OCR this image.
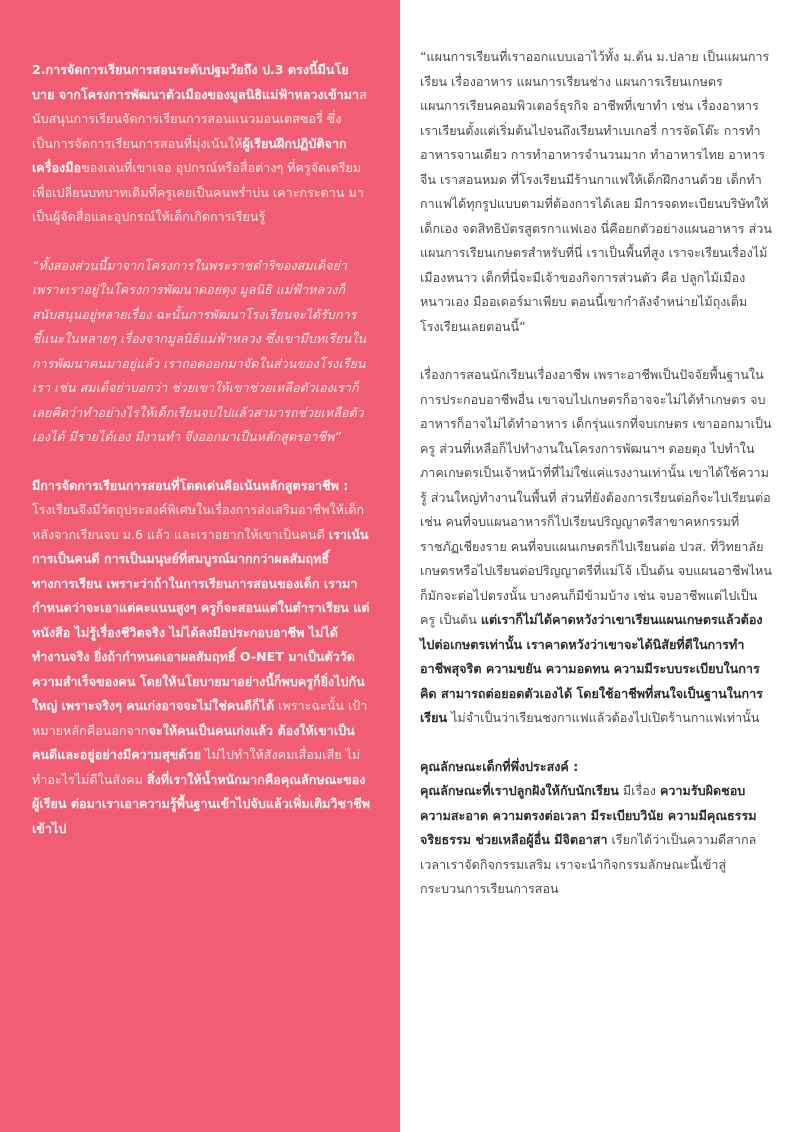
2.การจัดการเรียนการสอนระดับปฐมวัยถึง ป.3 ตรงนี้มีนโยบาย จากโครงการพัฒนาตัวเมืองของมูลนิธิแม่ฟ้าหลวงเข้ามาสนับสนุนการเรียนจัดการเรียนการสอนแนวมอนเตสซอรี่ ซึ่งเป็นการจัดการเรียนการสอนที่มุ่งเน้นให้ผู้เรียนฝึกปฏิบัติจากเครื่องมือของเล่นที่เขาเจอ อุปกรณ์หรือสื่อต่างๆ ที่ครูจัดเตรียม เพื่อเปลี่ยนบทบาทเดิมที่ครูเคยเป็นคนพร่ำบ่น เคาะกระดาน มาเป็นผู้จัดสื่อและอุปกรณ์ให้เด็กเกิดการเรียนรู้

“ทั้งสองส่วนนี้มาจากโครงการในพระราชดำริของสมเด็จย่า เพราะเราอยู่ในโครงการพัฒนาดอยตุง มูลนิธิ แม่ฟ้าหลวงก็สนับสนุนอยู่หลายเรื่อง ฉะนั้นการพัฒนาโรงเรียนจะได้รับการชี้แนะในหลายๆ เรื่องจากมูลนิธิแม่ฟ้าหลวง ซึ่งเขามีบทเรียนในการพัฒนาคนมาอยู่แล้ว เราถอดออกมาจัดในส่วนของโรงเรียนเรา เช่น สมเด็จย่าบอกว่า ช่วยเขาให้เขาช่วยเหลือตัวเองเราก็เลยคิดว่าทำอย่างไรให้เด็กเรียนจบไปแล้วสามารถช่วยเหลือตัวเองได้ มีรายได้เอง มีงานทำ จึงออกมาเป็นหลักสูตรอาชีพ”

มีการจัดการเรียนการสอนที่โดดเด่นคือเน้นหลักสูตรอาชีพ : โรงเรียนจึงมีวัตถุประสงค์พิเศษในเรื่องการส่งเสริมอาชีพให้เด็ก หลังจากเรียนจบ ม.6 แล้ว และเราอยากให้เขาเป็นคนดี เราเน้นการเป็นคนดี การเป็นมนุษย์ที่สมบูรณ์มากกว่าผลสัมฤทธิ์ทางการเรียน เพราะว่าถ้าในการเรียนการสอนของเด็ก เรามากำหนดว่าจะเอาแต่คะแนนสูงๆ ครูก็จะสอนแต่ในตำราเรียน แต่หนังสือ ไม่รู้เรื่องชีวิตจริง ไม่ได้ลงมือประกอบอาชีพ ไม่ได้ทำงานจริง ยิ่งถ้ากำหนดเอาผลสัมฤทธิ์ O-NET มาเป็นตัววัดความสำเร็จของคน โดยให้นโยบายมาอย่างนี้ก็พบครูก็ยิ่งไปกันใหญ่ เพราะจริงๆ คนเก่งอาจจะไม่ใช่คนดีก็ได้ เพราะฉะนั้น เป้าหมายหลักคือนอกจากจะให้คนเป็นคนเก่งแล้ว ต้องให้เขาเป็นคนดีและอยู่อย่างมีความสุขด้วย ไม่ไปทำให้สังคมเสื่อมเสีย ไม่ทำอะไรไม่ดีในสังคม สิ่งที่เราให้น้ำหนักมากคือคุณลักษณะของผู้เรียน ต่อมาเราเอาความรู้พื้นฐานเข้าไปจับแล้วเพิ่มเติมวิชาชีพเข้าไป

“แผนการเรียนที่เราออกแบบเอาไว้ทั้ง ม.ต้น ม.ปลาย เป็นแผนการเรียน เรื่องอาหาร แผนการเรียนช่าง แผนการเรียนเกษตร แผนการเรียนคอมพิวเตอร์ธุรกิจ อาชีพที่เขาทำ เช่น เรื่องอาหารเราเรียนตั้งแต่เริ่มต้นไปจนถึงเรียนทำเบเกอรี่ การจัดโต๊ะ การทำอาหารจานเดียว การทำอาหารจำนวนมาก ทำอาหารไทย อาหารจีน เราสอนหมด ที่โรงเรียนมีร้านกาแฟให้เด็กฝึกงานด้วย เด็กทำกาแฟได้ทุกรูปแบบตามที่ต้องการได้เลย มีการจดทะเบียนบริษัทให้เด็กเอง จดสิทธิบัตรสูตรกาแฟเอง นี่คือยกตัวอย่างแผนอาหาร ส่วนแผนการเรียนเกษตรสำหรับที่นี่ เราเป็นพื้นที่สูง เราจะเรียนเรื่องไม้เมืองหนาว เด็กที่นี่จะมีเจ้าของกิจการส่วนตัว คือ ปลูกไม้เมืองหนาวเอง มีออเดอร์มาเพียบ ตอนนี้เขากำลังจำหน่ายไม้ถุงเต็มโรงเรียนเลยตอนนี้”

เรื่องการสอนนักเรียนเรื่องอาชีพ เพราะอาชีพเป็นปัจจัยพื้นฐานในการประกอบอาชีพอื่น เขาจบไปเกษตรก็อาจจะไม่ได้ทำเกษตร จบอาหารก็อาจไม่ได้ทำอาหาร เด็กรุ่นแรกที่จบเกษตร เขาออกมาเป็นครู ส่วนที่เหลือก็ไปทำงานในโครงการพัฒนาฯ ดอยตุง ไปทำในภาคเกษตรเป็นเจ้าหน้าที่ที่ไม่ใช่แค่แรงงานเท่านั้น เขาได้ใช้ความรู้ ส่วนใหญ่ทำงานในพื้นที่ ส่วนที่ยังต้องการเรียนต่อก็จะไปเรียนต่อ เช่น คนที่จบแผนอาหารก็ไปเรียนปริญญาตรีสาขาคหกรรมที่ราชภัฏเชียงราย คนที่จบแผนเกษตรก็ไปเรียนต่อ ปวส. ที่วิทยาลัยเกษตรหรือไปเรียนต่อปริญญาตรีที่แม่โจ้ เป็นต้น จบแผนอาชีพไหนก็มักจะต่อไปตรงนั้น บางคนก็มีข้ามบ้าง เช่น จบอาชีพแต่ไปเป็นครู เป็นต้น แต่เราก็ไม่ได้คาดหวังว่าเขาเรียนแผนเกษตรแล้วต้องไปต่อเกษตรเท่านั้น เราคาดหวังว่าเขาจะได้นิสัยที่ดีในการทำอาชีพสุจริต ความขยัน ความอดทน ความมีระบบระเบียบในการคิด สามารถต่อยอดตัวเองได้ โดยใช้อาชีพที่สนใจเป็นฐานในการเรียน ไม่จำเป็นว่าเรียนชงกาแฟแล้วต้องไปเปิดร้านกาแฟเท่านั้น

คุณลักษณะเด็กที่พึ่งประสงค์ :

คุณลักษณะที่เราปลูกฝังให้กับนักเรียน มีเรื่อง ความรับผิดชอบ ความสะอาด ความตรงต่อเวลา มีระเบียบวินัย ความมีคุณธรรมจริยธรรม ช่วยเหลือผู้อื่น มีจิตอาสา เรียกได้ว่าเป็นความดีสากล เวลาเราจัดกิจกรรมเสริม เราจะนำกิจกรรมลักษณะนี้เข้าสู่กระบวนการเรียนการสอน
